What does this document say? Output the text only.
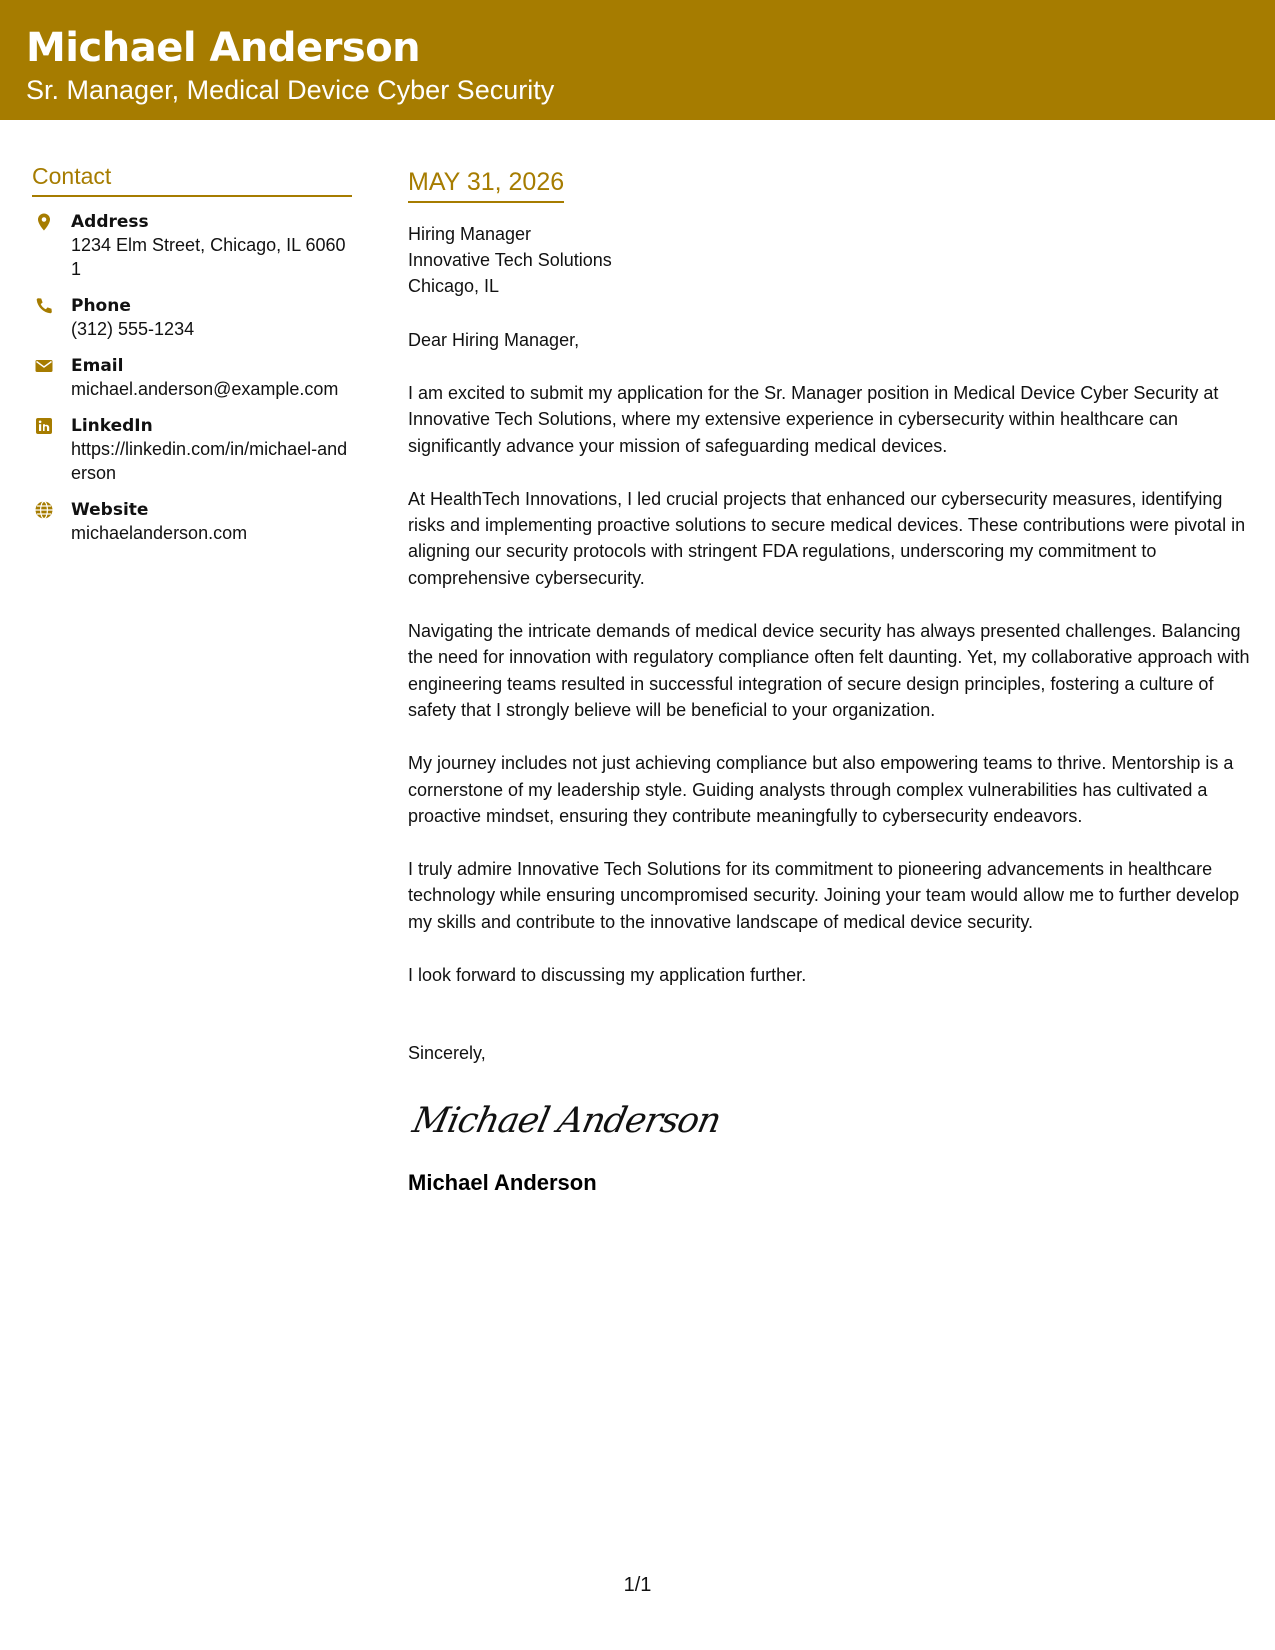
Michael Anderson
Sr. Manager, Medical Device Cyber Security
Contact
Address
1234 Elm Street, Chicago, IL 60601
Phone
(312) 555-1234
Email
michael.anderson@example.com
LinkedIn
https://linkedin.com/in/michael-anderson
Website
michaelanderson.com
MAY 31, 2026
Hiring Manager
Innovative Tech Solutions
Chicago, IL
Dear Hiring Manager,

I am excited to submit my application for the Sr. Manager position in Medical Device Cyber Security at Innovative Tech Solutions, where my extensive experience in cybersecurity within healthcare can significantly advance your mission of safeguarding medical devices.

At HealthTech Innovations, I led crucial projects that enhanced our cybersecurity measures, identifying risks and implementing proactive solutions to secure medical devices. These contributions were pivotal in aligning our security protocols with stringent FDA regulations, underscoring my commitment to comprehensive cybersecurity.

Navigating the intricate demands of medical device security has always presented challenges. Balancing the need for innovation with regulatory compliance often felt daunting. Yet, my collaborative approach with engineering teams resulted in successful integration of secure design principles, fostering a culture of safety that I strongly believe will be beneficial to your organization.

My journey includes not just achieving compliance but also empowering teams to thrive. Mentorship is a cornerstone of my leadership style. Guiding analysts through complex vulnerabilities has cultivated a proactive mindset, ensuring they contribute meaningfully to cybersecurity endeavors.

I truly admire Innovative Tech Solutions for its commitment to pioneering advancements in healthcare technology while ensuring uncompromised security. Joining your team would allow me to further develop my skills and contribute to the innovative landscape of medical device security.

I look forward to discussing my application further.

Sincerely,
Michael Anderson
Michael Anderson
1/1
